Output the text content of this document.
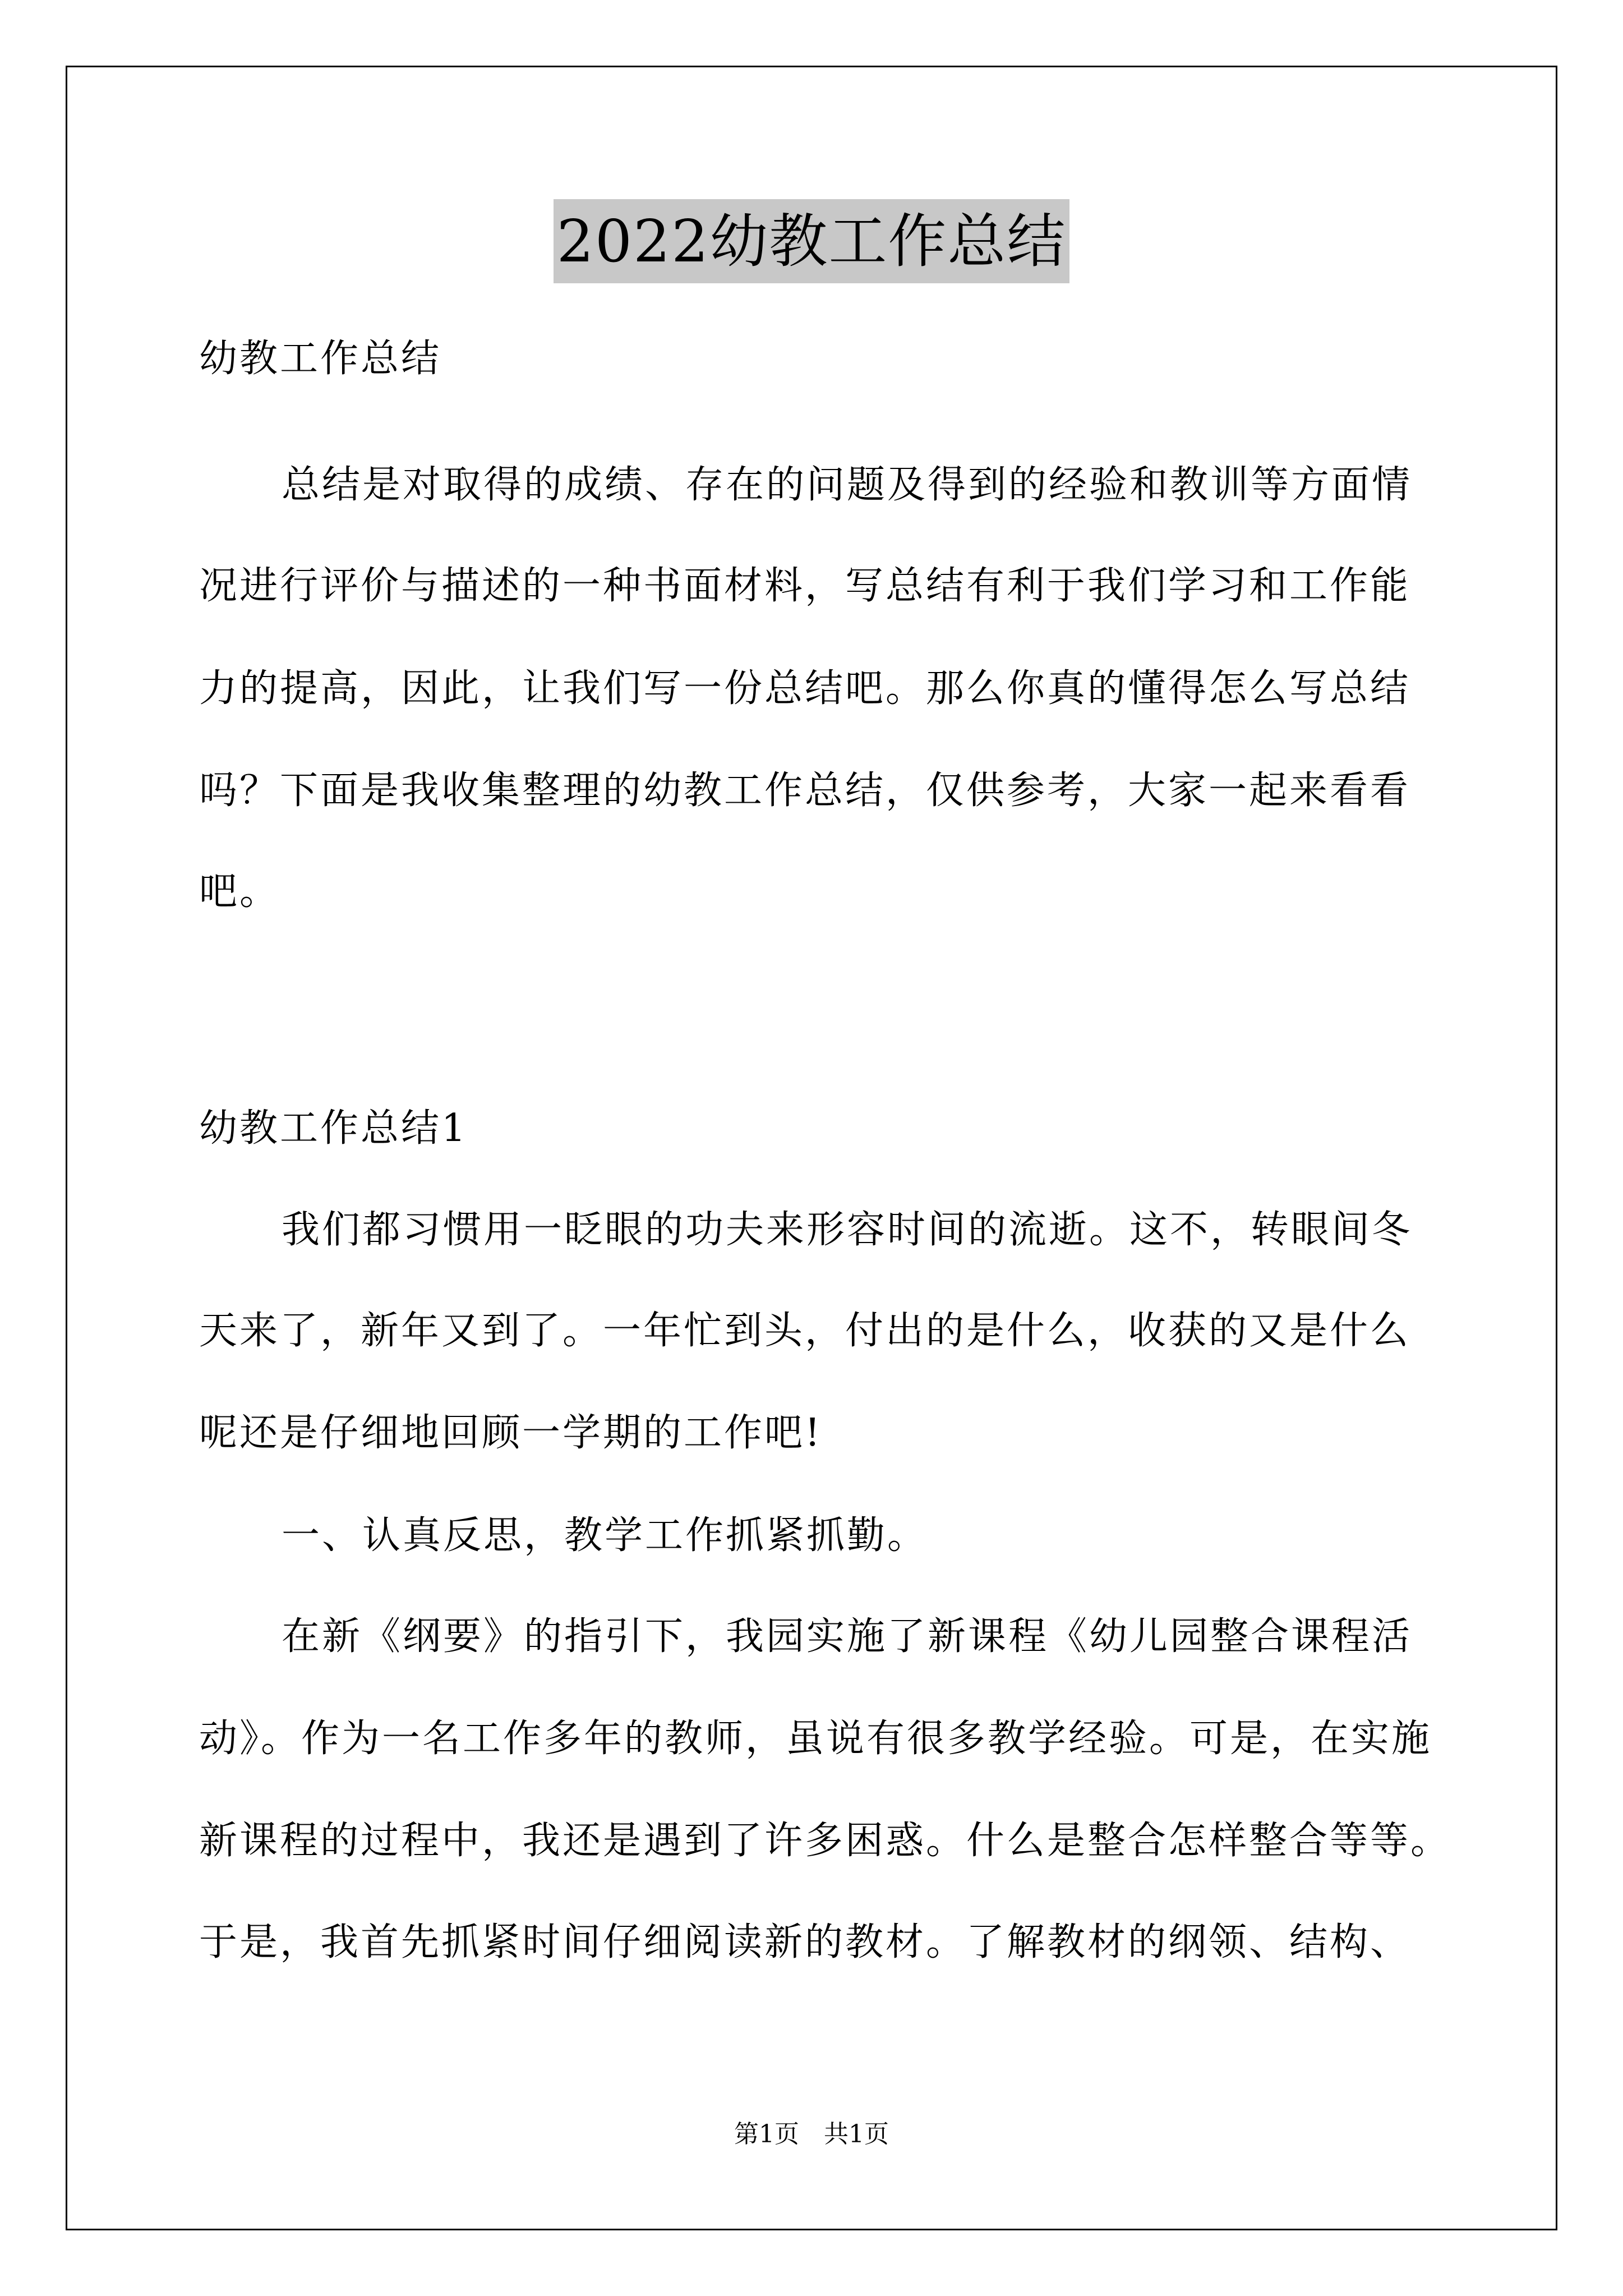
2022幼教工作总结
幼教工作总结
总结是对取得的成绩、存在的问题及得到的经验和教训等方面情
况进行评价与描述的一种书面材料，写总结有利于我们学习和工作能
力的提高，因此，让我们写一份总结吧。那么你真的懂得怎么写总结
吗？下面是我收集整理的幼教工作总结，仅供参考，大家一起来看看
吧。
幼教工作总结1
我们都习惯用一眨眼的功夫来形容时间的流逝。这不，转眼间冬
天来了，新年又到了。一年忙到头，付出的是什么，收获的又是什么
呢还是仔细地回顾一学期的工作吧!
一、认真反思，教学工作抓紧抓勤。
在新《纲要》的指引下，我园实施了新课程《幼儿园整合课程活
动》。作为一名工作多年的教师，虽说有很多教学经验。可是，在实施
新课程的过程中，我还是遇到了许多困惑。什么是整合怎样整合等等。
于是，我首先抓紧时间仔细阅读新的教材。了解教材的纲领、结构、
第1页　共1页
